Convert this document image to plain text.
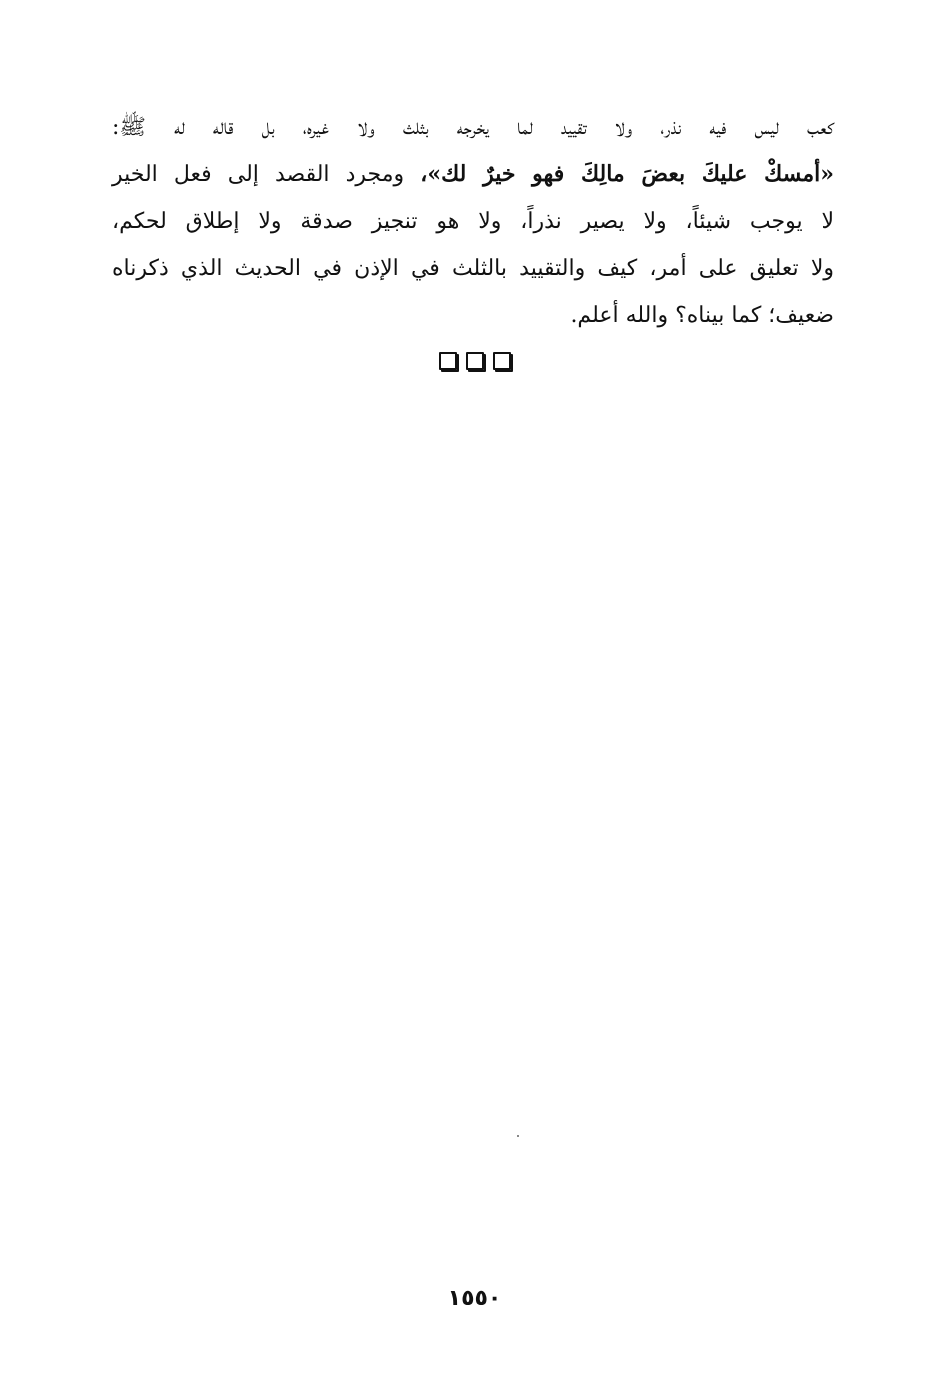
كعب ليس فيه نذر، ولا تقييد لما يخرجه بثلث ولا غيره، بل قاله له ﷺ:
«أمسكْ عليكَ بعضَ مالِكَ فهو خيرٌ لك»، ومجرد القصد إلى فعل الخير
لا يوجب شيئاً، ولا يصير نذراً، ولا هو تنجيز صدقة ولا إطلاق لحكم،
ولا تعليق على أمر، كيف والتقييد بالثلث في الإذن في الحديث الذي ذكرناه
ضعيف؛ كما بيناه؟ والله أعلم.
١٥٥٠
